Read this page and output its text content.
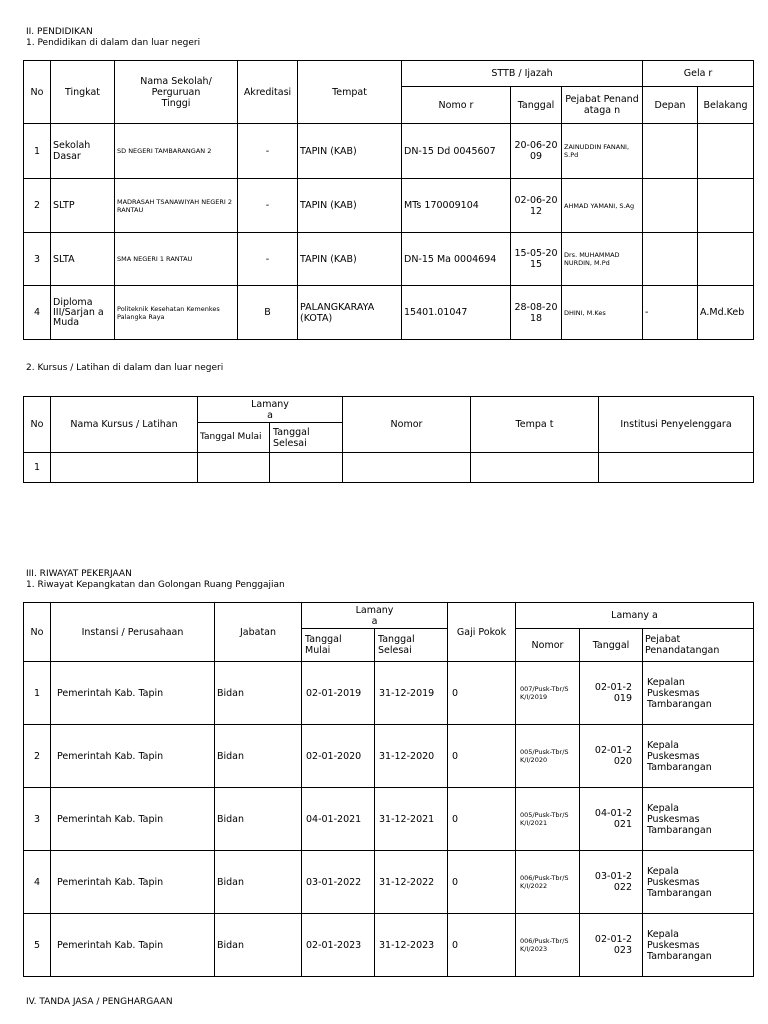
II. PENDIDIKAN
1. Pendidikan di dalam dan luar negeri
No	Tingkat	Nama Sekolah/ Perguruan Tinggi	Akreditasi	Tempat	STTB / Ijazah			Gela r	
					Nomo r	Tanggal	Pejabat Penandataga n	Depan	Belakang
1	Sekolah Dasar	SD NEGERI TAMBARANGAN 2	-	TAPIN (KAB)	DN-15 Dd 0045607	20-06-2009	ZAINUDDIN FANANI, S.Pd		
2	SLTP	MADRASAH TSANAWIYAH NEGERI 2 RANTAU	-	TAPIN (KAB)	MTs 170009104	02-06-2012	AHMAD YAMANI, S.Ag		
3	SLTA	SMA NEGERI 1 RANTAU	-	TAPIN (KAB)	DN-15 Ma 0004694	15-05-2015	Drs. MUHAMMAD NURDIN, M.Pd		
4	Diploma III/Sarjan a Muda	Politeknik Kesehatan Kemenkes Palangka Raya	B	PALANGKARAYA (KOTA)	15401.01047	28-08-2018	DHINI, M.Kes	-	A.Md.Keb
2. Kursus / Latihan di dalam dan luar negeri
No	Nama Kursus / Latihan	Lamany a		Nomor	Tempa t	Institusi Penyelenggara
		Tanggal Mulai	Tanggal Selesai			
1						
III. RIWAYAT PEKERJAAN
1. Riwayat Kepangkatan dan Golongan Ruang Penggajian
No	Instansi / Perusahaan	Jabatan	Lamany a		Gaji Pokok	Lamany a		
			Tanggal Mulai	Tanggal Selesai		Nomor	Tanggal	Pejabat Penandatangan
1	Pemerintah Kab. Tapin	Bidan	02-01-2019	31-12-2019	0	007/Pusk-Tbr/SK/I/2019	02-01-2019	Kepalan Puskesmas Tambarangan
2	Pemerintah Kab. Tapin	Bidan	02-01-2020	31-12-2020	0	005/Pusk-Tbr/SK/I/2020	02-01-2020	Kepala Puskesmas Tambarangan
3	Pemerintah Kab. Tapin	Bidan	04-01-2021	31-12-2021	0	005/Pusk-Tbr/SK/I/2021	04-01-2021	Kepala Puskesmas Tambarangan
4	Pemerintah Kab. Tapin	Bidan	03-01-2022	31-12-2022	0	006/Pusk-Tbr/SK/I/2022	03-01-2022	Kepala Puskesmas Tambarangan
5	Pemerintah Kab. Tapin	Bidan	02-01-2023	31-12-2023	0	006/Pusk-Tbr/SK/I/2023	02-01-2023	Kepala Puskesmas Tambarangan
IV. TANDA JASA / PENGHARGAAN
